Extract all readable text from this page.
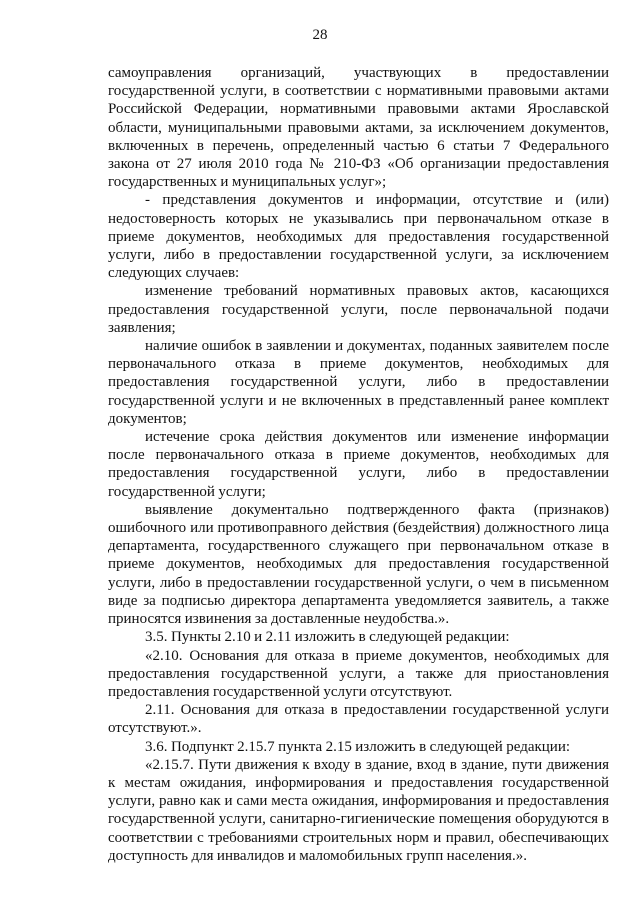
28

самоуправления организаций, участвующих в предоставлении государственной услуги, в соответствии с нормативными правовыми актами Российской Федерации, нормативными правовыми актами Ярославской области, муниципальными правовыми актами, за исключением документов, включенных в перечень, определенный частью 6 статьи 7 Федерального закона от 27 июля 2010 года № 210-ФЗ «Об организации предоставления государственных и муниципальных услуг»;

- представления документов и информации, отсутствие и (или) недостоверность которых не указывались при первоначальном отказе в приеме документов, необходимых для предоставления государственной услуги, либо в предоставлении государственной услуги, за исключением следующих случаев:

изменение требований нормативных правовых актов, касающихся предоставления государственной услуги, после первоначальной подачи заявления;

наличие ошибок в заявлении и документах, поданных заявителем после первоначального отказа в приеме документов, необходимых для предоставления государственной услуги, либо в предоставлении государственной услуги и не включенных в представленный ранее комплект документов;

истечение срока действия документов или изменение информации после первоначального отказа в приеме документов, необходимых для предоставления государственной услуги, либо в предоставлении государственной услуги;

выявление документально подтвержденного факта (признаков) ошибочного или противоправного действия (бездействия) должностного лица департамента, государственного служащего при первоначальном отказе в приеме документов, необходимых для предоставления государственной услуги, либо в предоставлении государственной услуги, о чем в письменном виде за подписью директора департамента уведомляется заявитель, а также приносятся извинения за доставленные неудобства.».

3.5. Пункты 2.10 и 2.11 изложить в следующей редакции:

«2.10. Основания для отказа в приеме документов, необходимых для предоставления государственной услуги, а также для приостановления предоставления государственной услуги отсутствуют.

2.11. Основания для отказа в предоставлении государственной услуги отсутствуют.».

3.6. Подпункт 2.15.7 пункта 2.15 изложить в следующей редакции:

«2.15.7. Пути движения к входу в здание, вход в здание, пути движения к местам ожидания, информирования и предоставления государственной услуги, равно как и сами места ожидания, информирования и предоставления государственной услуги, санитарно-гигиенические помещения оборудуются в соответствии с требованиями строительных норм и правил, обеспечивающих доступность для инвалидов и маломобильных групп населения.».
